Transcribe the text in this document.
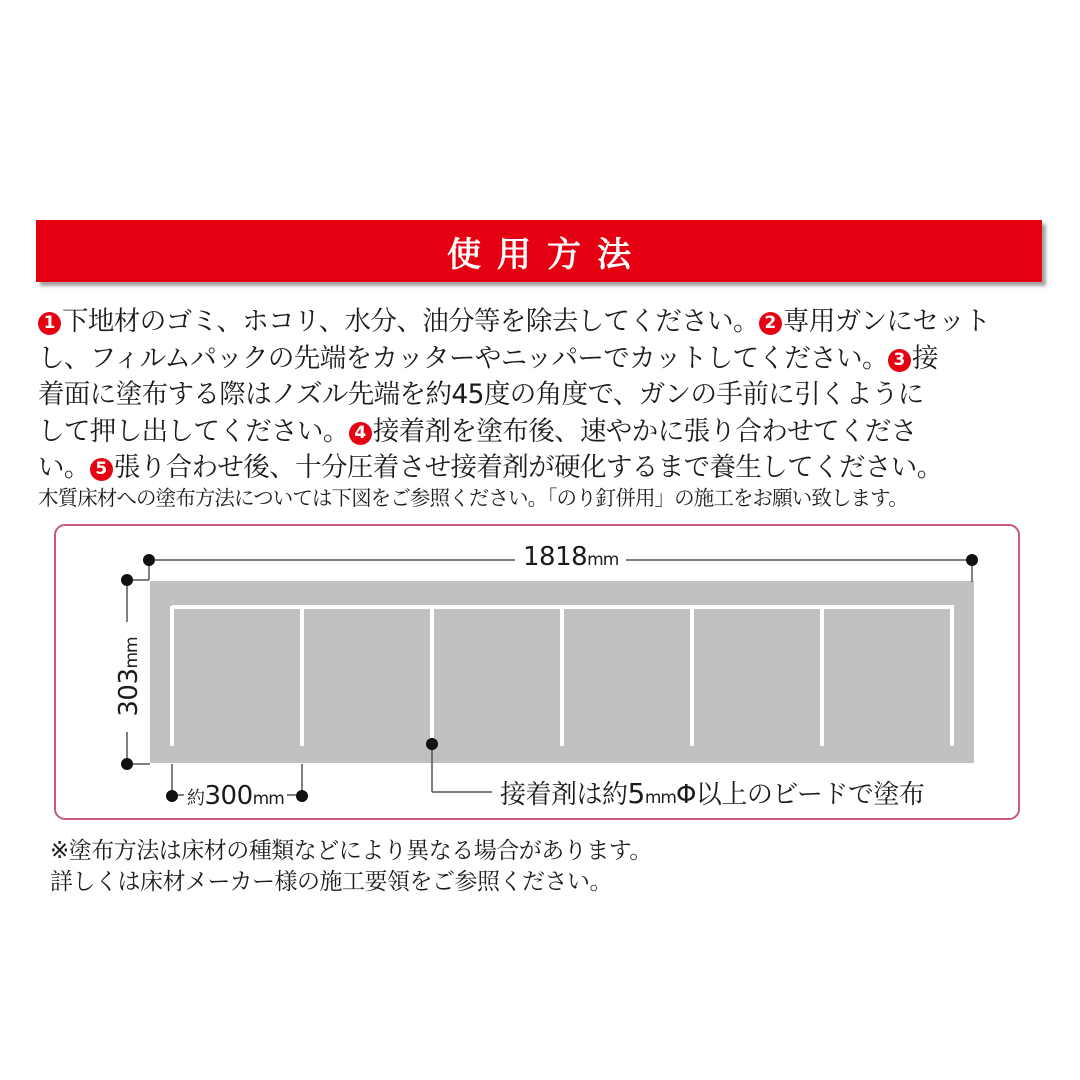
使用方法
1 下地材のゴミ、ホコリ、水分、油分等を除去してください。 2 専用ガンにセット
し、フィルムパックの先端をカッターやニッパーでカットしてください。 3 接
着面に塗布する際はノズル先端を約45度の角度で、ガンの手前に引くように
して押し出してください。 4 接着剤を塗布後、速やかに張り合わせてくださ
い。 5 張り合わせ後、十分圧着させ接着剤が硬化するまで養生してください。
木質床材への塗布方法については下図をご参照ください。「のり釘併用」の施工をお願い致します。
1818mm
303mm
約300mm	接着剤は約5mmΦ以上のビードで塗布
※塗布方法は床材の種類などにより異なる場合があります。
詳しくは床材メーカー様の施工要領をご参照ください。
